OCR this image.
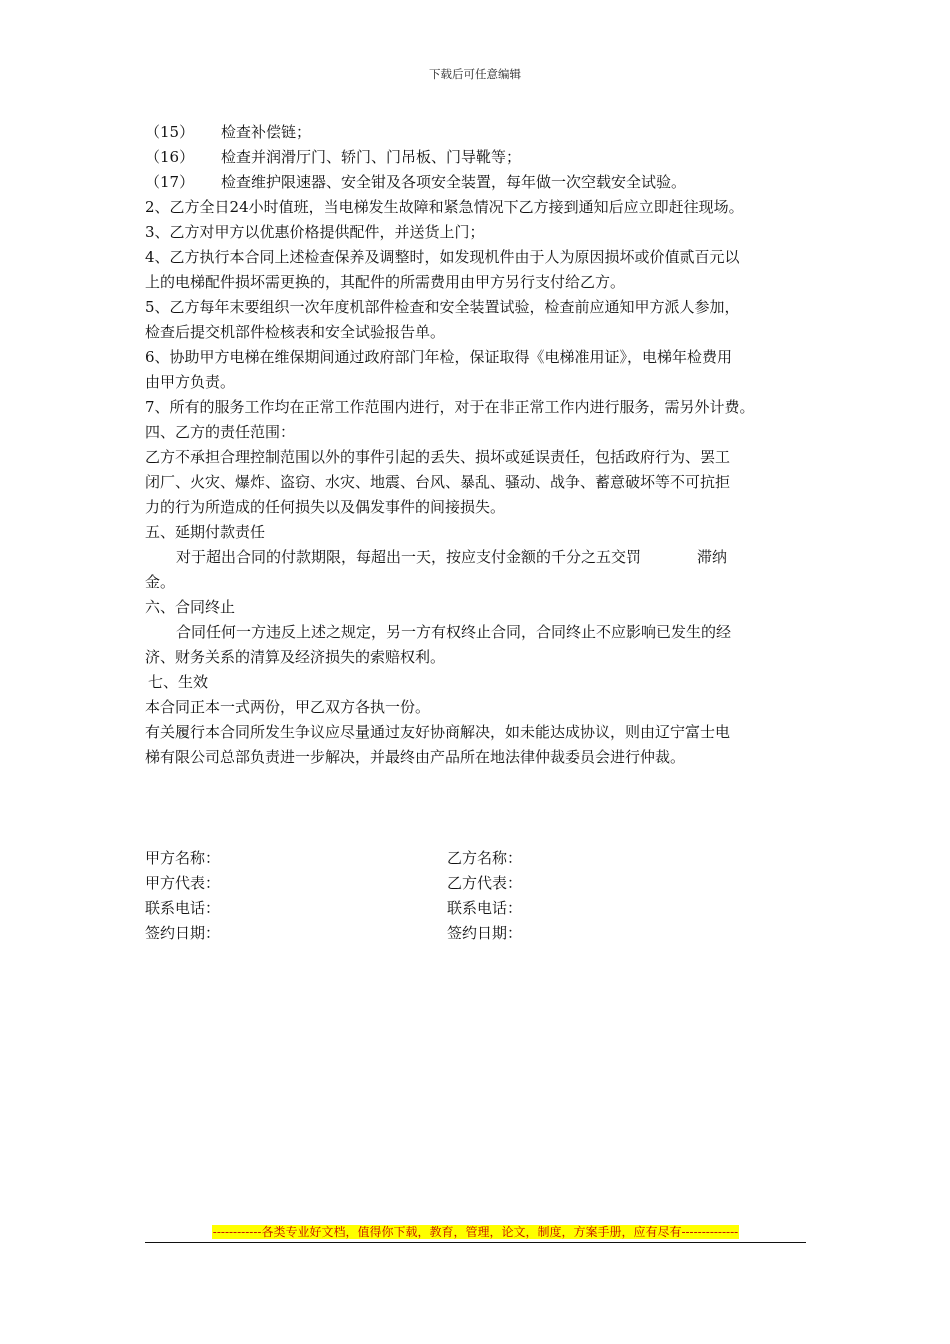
下载后可任意编辑

（15） 检查补偿链；

（16） 检查并润滑厅门、轿门、门吊板、门导靴等；

（17） 检查维护限速器、安全钳及各项安全装置，每年做一次空载安全试验。

2、乙方全日24小时值班，当电梯发生故障和紧急情况下乙方接到通知后应立即赶往现场。

3、乙方对甲方以优惠价格提供配件，并送货上门；

4、乙方执行本合同上述检查保养及调整时，如发现机件由于人为原因损坏或价值贰百元以

上的电梯配件损坏需更换的，其配件的所需费用由甲方另行支付给乙方。

5、乙方每年末要组织一次年度机部件检查和安全装置试验，检查前应通知甲方派人参加，

检查后提交机部件检核表和安全试验报告单。

6、协助甲方电梯在维保期间通过政府部门年检，保证取得《电梯准用证》，电梯年检费用

由甲方负责。

7、所有的服务工作均在正常工作范围内进行，对于在非正常工作内进行服务，需另外计费。

四、乙方的责任范围：

乙方不承担合理控制范围以外的事件引起的丢失、损坏或延误责任，包括政府行为、罢工

闭厂、火灾、爆炸、盗窃、水灾、地震、台风、暴乱、骚动、战争、蓄意破坏等不可抗拒

力的行为所造成的任何损失以及偶发事件的间接损失。

五、延期付款责任

对于超出合同的付款期限，每超出一天，按应支付金额的千分之五交罚	滞纳

金。

六、合同终止

合同任何一方违反上述之规定，另一方有权终止合同，合同终止不应影响已发生的经

济、财务关系的清算及经济损失的索赔权利。

七、生效

本合同正本一式两份，甲乙双方各执一份。

有关履行本合同所发生争议应尽量通过友好协商解决，如未能达成协议，则由辽宁富士电

梯有限公司总部负责进一步解决，并最终由产品所在地法律仲裁委员会进行仲裁。

甲方名称：	乙方名称：
甲方代表：	乙方代表：
联系电话：	联系电话：
签约日期：	签约日期：
------------各类专业好文档，值得你下载，教育，管理，论文，制度，方案手册，应有尽有--------------
